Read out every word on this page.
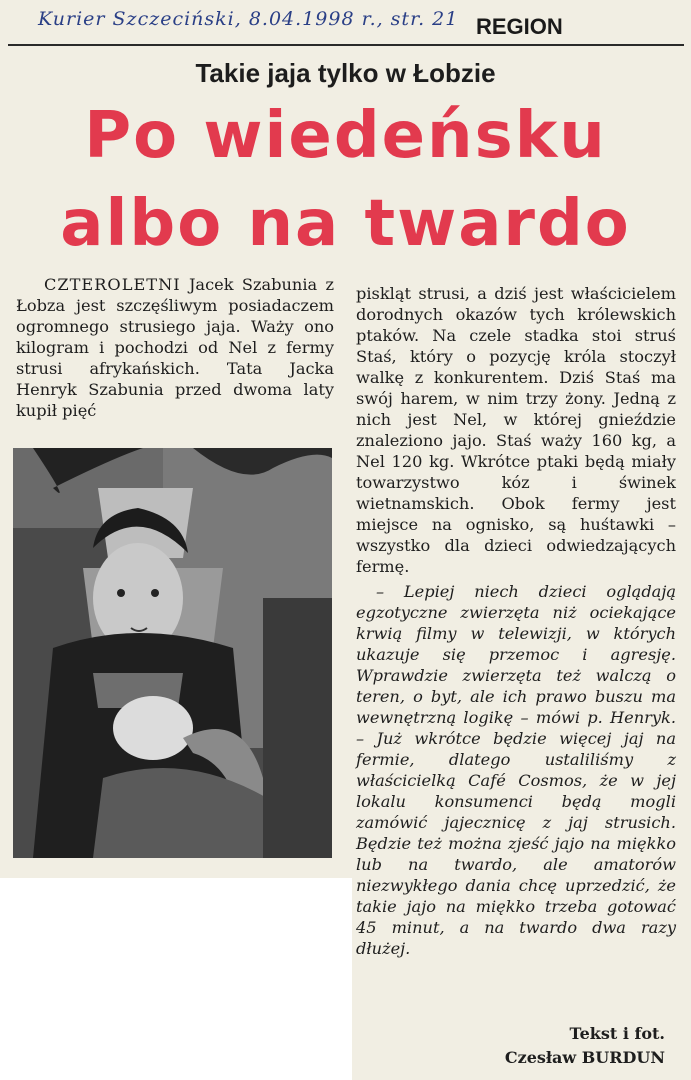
Kurier Szczeciński, 8.04.1998 r., str. 21 REGION
Takie jaja tylko w Łobzie
Po wiedeńsku
albo na twardo
CZTEROLETNI Jacek Szabunia z Łobza jest szczęśliwym posiadaczem ogromnego strusiego jaja. Waży ono kilogram i pochodzi od Nel z fermy strusi afrykańskich. Tata Jacka Henryk Szabunia przed dwoma laty kupił pięć

piskląt strusi, a dziś jest właścicielem dorodnych okazów tych królewskich ptaków. Na czele stadka stoi struś Staś, który o pozycję króla stoczył walkę z konkurentem. Dziś Staś ma swój harem, w nim trzy żony. Jedną z nich jest Nel, w której gnieździe znaleziono jajo. Staś waży 160 kg, a Nel 120 kg. Wkrótce ptaki będą miały towarzystwo kóz i świnek wietnamskich. Obok fermy jest miejsce na ognisko, są huśtawki – wszystko dla dzieci odwiedzających fermę.

– Lepiej niech dzieci oglądają egzotyczne zwierzęta niż ociekające krwią filmy w telewizji, w których ukazuje się przemoc i agresję. Wprawdzie zwierzęta też walczą o teren, o byt, ale ich prawo buszu ma wewnętrzną logikę – mówi p. Henryk. – Już wkrótce będzie więcej jaj na fermie, dlatego ustaliliśmy z właścicielką Café Cosmos, że w jej lokalu konsumenci będą mogli zamówić jajecznicę z jaj strusich. Będzie też można zjeść jajo na miękko lub na twardo, ale amatorów niezwykłego dania chcę uprzedzić, że takie jajo na miękko trzeba gotować 45 minut, a na twardo dwa razy dłużej.

Tekst i fot.
Czesław BURDUN
